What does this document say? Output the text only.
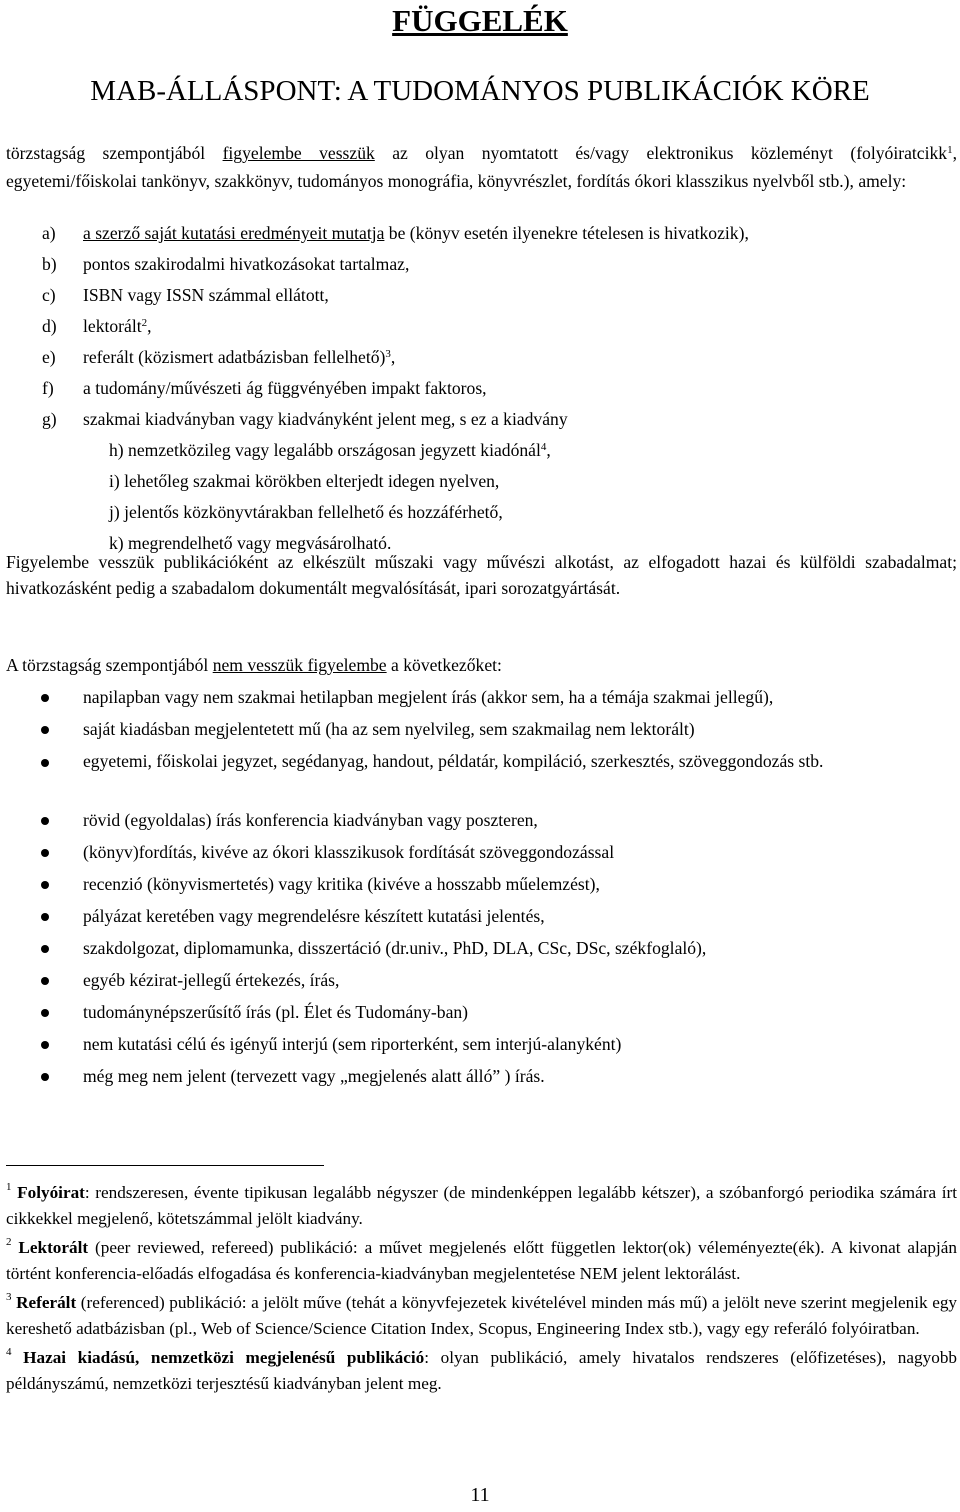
FÜGGELÉK
MAB-ÁLLÁSPONT: A TUDOMÁNYOS PUBLIKÁCIÓK KÖRE
törzstagság szempontjából figyelembe vesszük az olyan nyomtatott és/vagy elektronikus közleményt (folyóiratcikk$^1$, egyetemi/főiskolai tankönyv, szakkönyv, tudományos monográfia, könyvrészlet, fordítás ókori klasszikus nyelvből stb.), amely:
a) a szerző saját kutatási eredményeit mutatja be (könyv esetén ilyenekre tételesen is hivatkozik),
b) pontos szakirodalmi hivatkozásokat tartalmaz,
c) ISBN vagy ISSN számmal ellátott,
d) lektorált$^2$,
e) referált (közismert adatbázisban fellelhető)$^3$,
f) a tudomány/művészeti ág függvényében impakt faktoros,
g) szakmai kiadványban vagy kiadványként jelent meg, s ez a kiadvány
h) nemzetközileg vagy legalább országosan jegyzett kiadónál$^4$,
i) lehetőleg szakmai körökben elterjedt idegen nyelven,
j) jelentős közkönyvtárakban fellelhető és hozzáférhető,
k) megrendelhető vagy megvásárolható.
Figyelembe vesszük publikációként az elkészült műszaki vagy művészi alkotást, az elfogadott hazai és külföldi szabadalmat; hivatkozásként pedig a szabadalom dokumentált megvalósítását, ipari sorozatgyártását.
A törzstagság szempontjából nem vesszük figyelembe a következőket:
napilapban vagy nem szakmai hetilapban megjelent írás (akkor sem, ha a témája szakmai jellegű),
saját kiadásban megjelentetett mű (ha az sem nyelvileg, sem szakmailag nem lektorált)
egyetemi, főiskolai jegyzet, segédanyag, handout, példatár, kompiláció, szerkesztés, szöveggondozás stb.
rövid (egyoldalas) írás konferencia kiadványban vagy poszteren,
(könyv)fordítás, kivéve az ókori klasszikusok fordítását szöveggondozással
recenzió (könyvismertetés) vagy kritika (kivéve a hosszabb műelemzést),
pályázat keretében vagy megrendelésre készített kutatási jelentés,
szakdolgozat, diplomamunka, disszertáció (dr.univ., PhD, DLA, CSc, DSc, székfoglaló),
egyéb kézirat-jellegű értekezés, írás,
tudománynépszerűsítő írás (pl. Élet és Tudomány-ban)
nem kutatási célú és igényű interjú (sem riporterként, sem interjú-alanyként)
még meg nem jelent (tervezett vagy „megjelenés alatt álló” ) írás.
$^1$ Folyóirat: rendszeresen, évente tipikusan legalább négyszer (de mindenképpen legalább kétszer), a szóbanforgó periodika számára írt cikkekkel megjelenő, kötetszámmal jelölt kiadvány.
$^2$ Lektorált (peer reviewed, refereed) publikáció: a művet megjelenés előtt független lektor(ok) véleményezte(ék). A kivonat alapján történt konferencia-előadás elfogadása és konferencia-kiadványban megjelentetése NEM jelent lektorálást.
$^3$ Referált (referenced) publikáció: a jelölt műve (tehát a könyvfejezetek kivételével minden más mű) a jelölt neve szerint megjelenik egy kereshető adatbázisban (pl., Web of Science/Science Citation Index, Scopus, Engineering Index stb.), vagy egy referáló folyóiratban.
$^4$ Hazai kiadású, nemzetközi megjelenésű publikáció: olyan publikáció, amely hivatalos rendszeres (előfizetéses), nagyobb példányszámú, nemzetközi terjesztésű kiadványban jelent meg.
11
